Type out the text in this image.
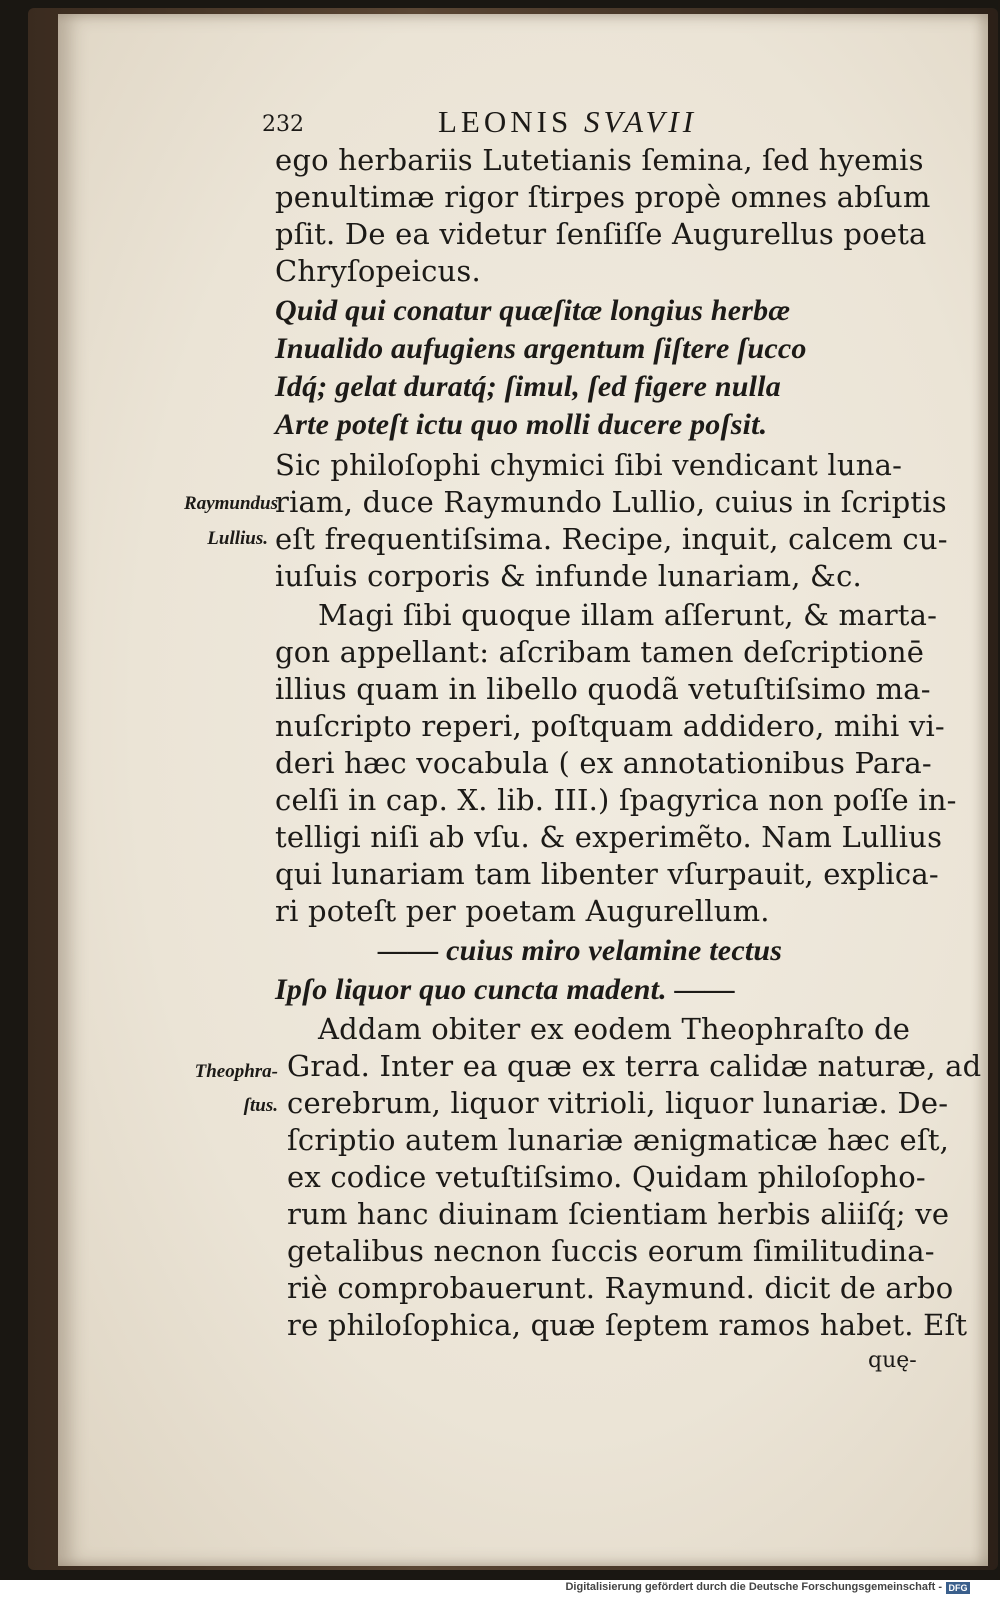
232	LEONIS SVAVII
ego herbariis Lutetianis ſemina, ſed hyemis
penultimæ rigor ſtirpes propè omnes abſum
pſit. De ea videtur ſenſiſſe Augurellus poeta
Chryſopeicus.
Quid qui conatur quæſitæ longius herbæ
Inualido aufugiens argentum ſiſtere ſucco
Idq́; gelat duratq́; ſimul, ſed figere nulla
Arte poteſt ictu quo molli ducere poſsit.
Sic philoſophi chymici ſibi vendicant luna-
riam, duce Raymundo Lullio, cuius in ſcriptis
eſt frequentiſsima. Recipe, inquit, calcem cu-
iuſuis corporis & infunde lunariam, &c.
Magi ſibi quoque illam aſſerunt, & marta-
gon appellant: aſcribam tamen deſcriptionē
illius quam in libello quodã vetuſtiſsimo ma-
nuſcripto reperi, poſtquam addidero, mihi vi-
deri hæc vocabula ( ex annotationibus Para-
celſi in cap. X. lib. III.) ſpagyrica non poſſe in-
telligi niſi ab vſu. & experimẽto. Nam Lullius
qui lunariam tam libenter vſurpauit, explica-
ri poteſt per poetam Augurellum.
—— cuius miro velamine tectus
Ipſo liquor quo cuncta madent. ——
Addam obiter ex eodem Theophraſto de
Grad. Inter ea quæ ex terra calidæ naturæ, ad
cerebrum, liquor vitrioli, liquor lunariæ. De-
ſcriptio autem lunariæ ænigmaticæ hæc eſt,
ex codice vetuſtiſsimo. Quidam philoſopho-
rum hanc diuinam ſcientiam herbis aliiſq́; ve
getalibus necnon ſuccis eorum ſimilitudina-
riè comprobauerunt. Raymund. dicit de arbo
re philoſophica, quæ ſeptem ramos habet. Eſt
Raymundus
Lullius.
Theophra-
ſtus.
quę-
Digitalisierung gefördert durch die Deutsche Forschungsgemeinschaft - DFG
